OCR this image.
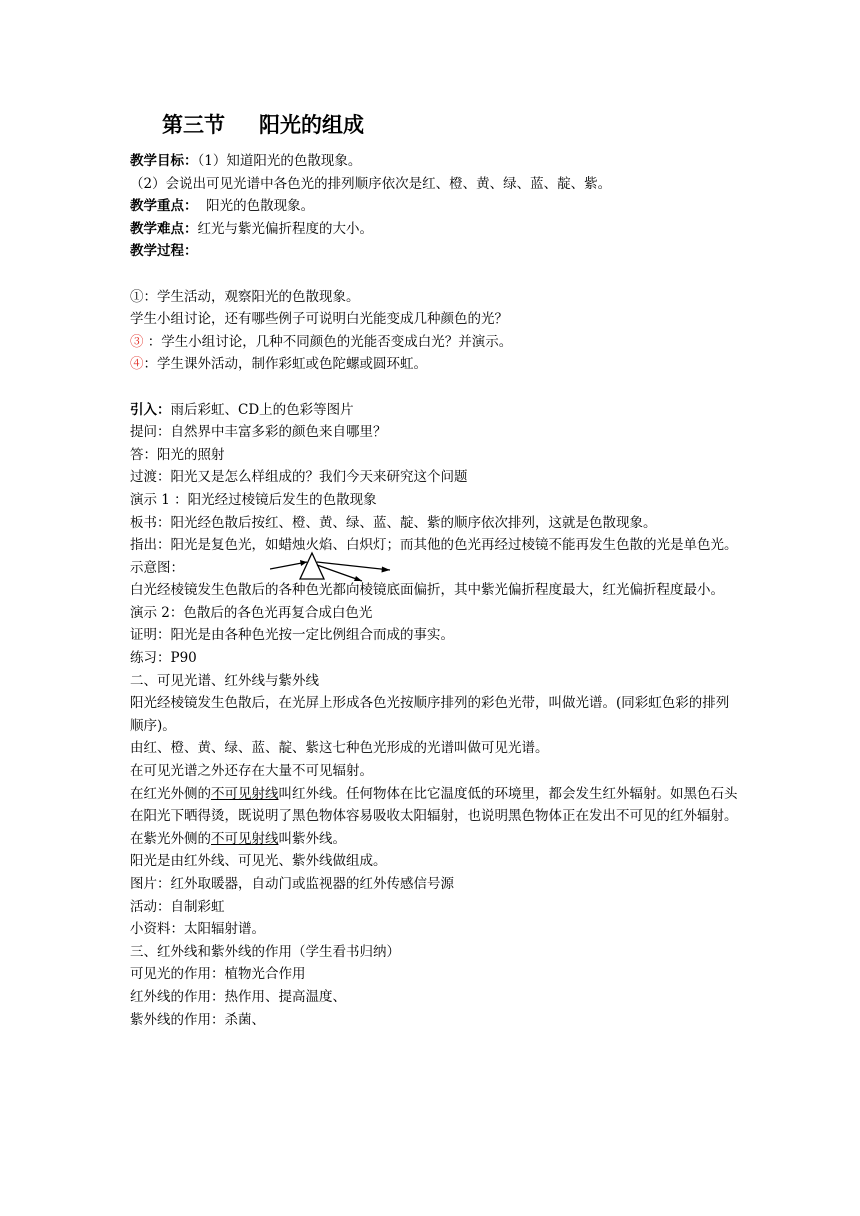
第三节 阳光的组成
教学目标：（1）知道阳光的色散现象。
（2）会说出可见光谱中各色光的排列顺序依次是红、橙、黄、绿、蓝、靛、紫。
教学重点：  阳光的色散现象。
教学难点：红光与紫光偏折程度的大小。
教学过程：
①：学生活动，观察阳光的色散现象。
学生小组讨论，还有哪些例子可说明白光能变成几种颜色的光？
③ ：学生小组讨论，几种不同颜色的光能否变成白光？并演示。
④：学生课外活动，制作彩虹或色陀螺或圆环虹。
引入：雨后彩虹、CD上的色彩等图片
提问：自然界中丰富多彩的颜色来自哪里？
答：阳光的照射
过渡：阳光又是怎么样组成的？我们今天来研究这个问题
演示 1 ：阳光经过棱镜后发生的色散现象
板书：阳光经色散后按红、橙、黄、绿、蓝、靛、紫的顺序依次排列，这就是色散现象。
指出：阳光是复色光，如蜡烛火焰、白炽灯；而其他的色光再经过棱镜不能再发生色散的光是单色光。
示意图：
白光经棱镜发生色散后的各种色光都向棱镜底面偏折，其中紫光偏折程度最大，红光偏折程度最小。
演示 2：色散后的各色光再复合成白色光
证明：阳光是由各种色光按一定比例组合而成的事实。
练习：P90
二、可见光谱、红外线与紫外线
阳光经棱镜发生色散后，在光屏上形成各色光按顺序排列的彩色光带，叫做光谱。(同彩虹色彩的排列顺序)。
由红、橙、黄、绿、蓝、靛、紫这七种色光形成的光谱叫做可见光谱。
在可见光谱之外还存在大量不可见辐射。
在红光外侧的不可见射线叫红外线。任何物体在比它温度低的环境里，都会发生红外辐射。如黑色石头在阳光下晒得烫，既说明了黑色物体容易吸收太阳辐射，也说明黑色物体正在发出不可见的红外辐射。
在紫光外侧的不可见射线叫紫外线。
阳光是由红外线、可见光、紫外线做组成。
图片：红外取暖器，自动门或监视器的红外传感信号源
活动：自制彩虹
小资料：太阳辐射谱。
三、红外线和紫外线的作用（学生看书归纳）
可见光的作用：植物光合作用
红外线的作用：热作用、提高温度、
紫外线的作用：杀菌、
